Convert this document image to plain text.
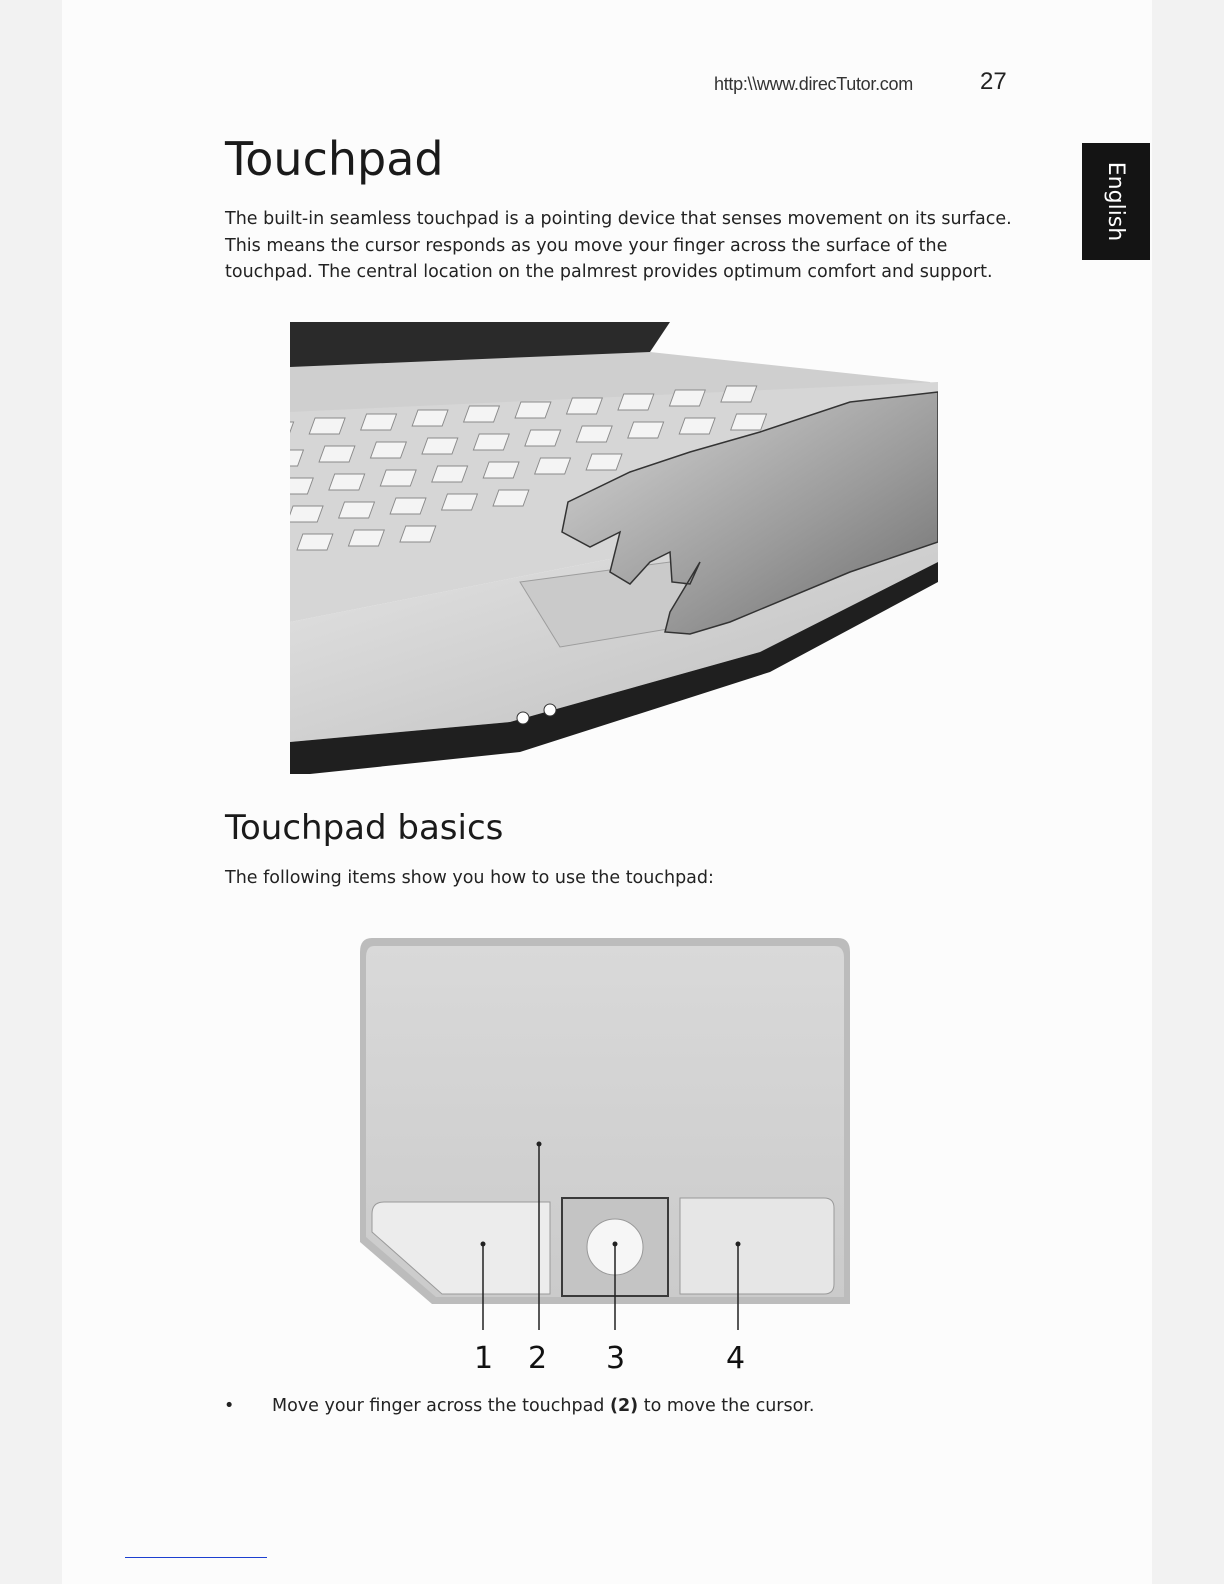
http:\\www.direcTutor.com	27
English
Touchpad

The built-in seamless touchpad is a pointing device that senses movement on its surface. This means the cursor responds as you move your finger across the surface of the touchpad. The central location on the palmrest provides optimum comfort and support.

Touchpad basics

The following items show you how to use the touchpad:

1 2 3	4
• Move your finger across the touchpad (2) to move the cursor.
